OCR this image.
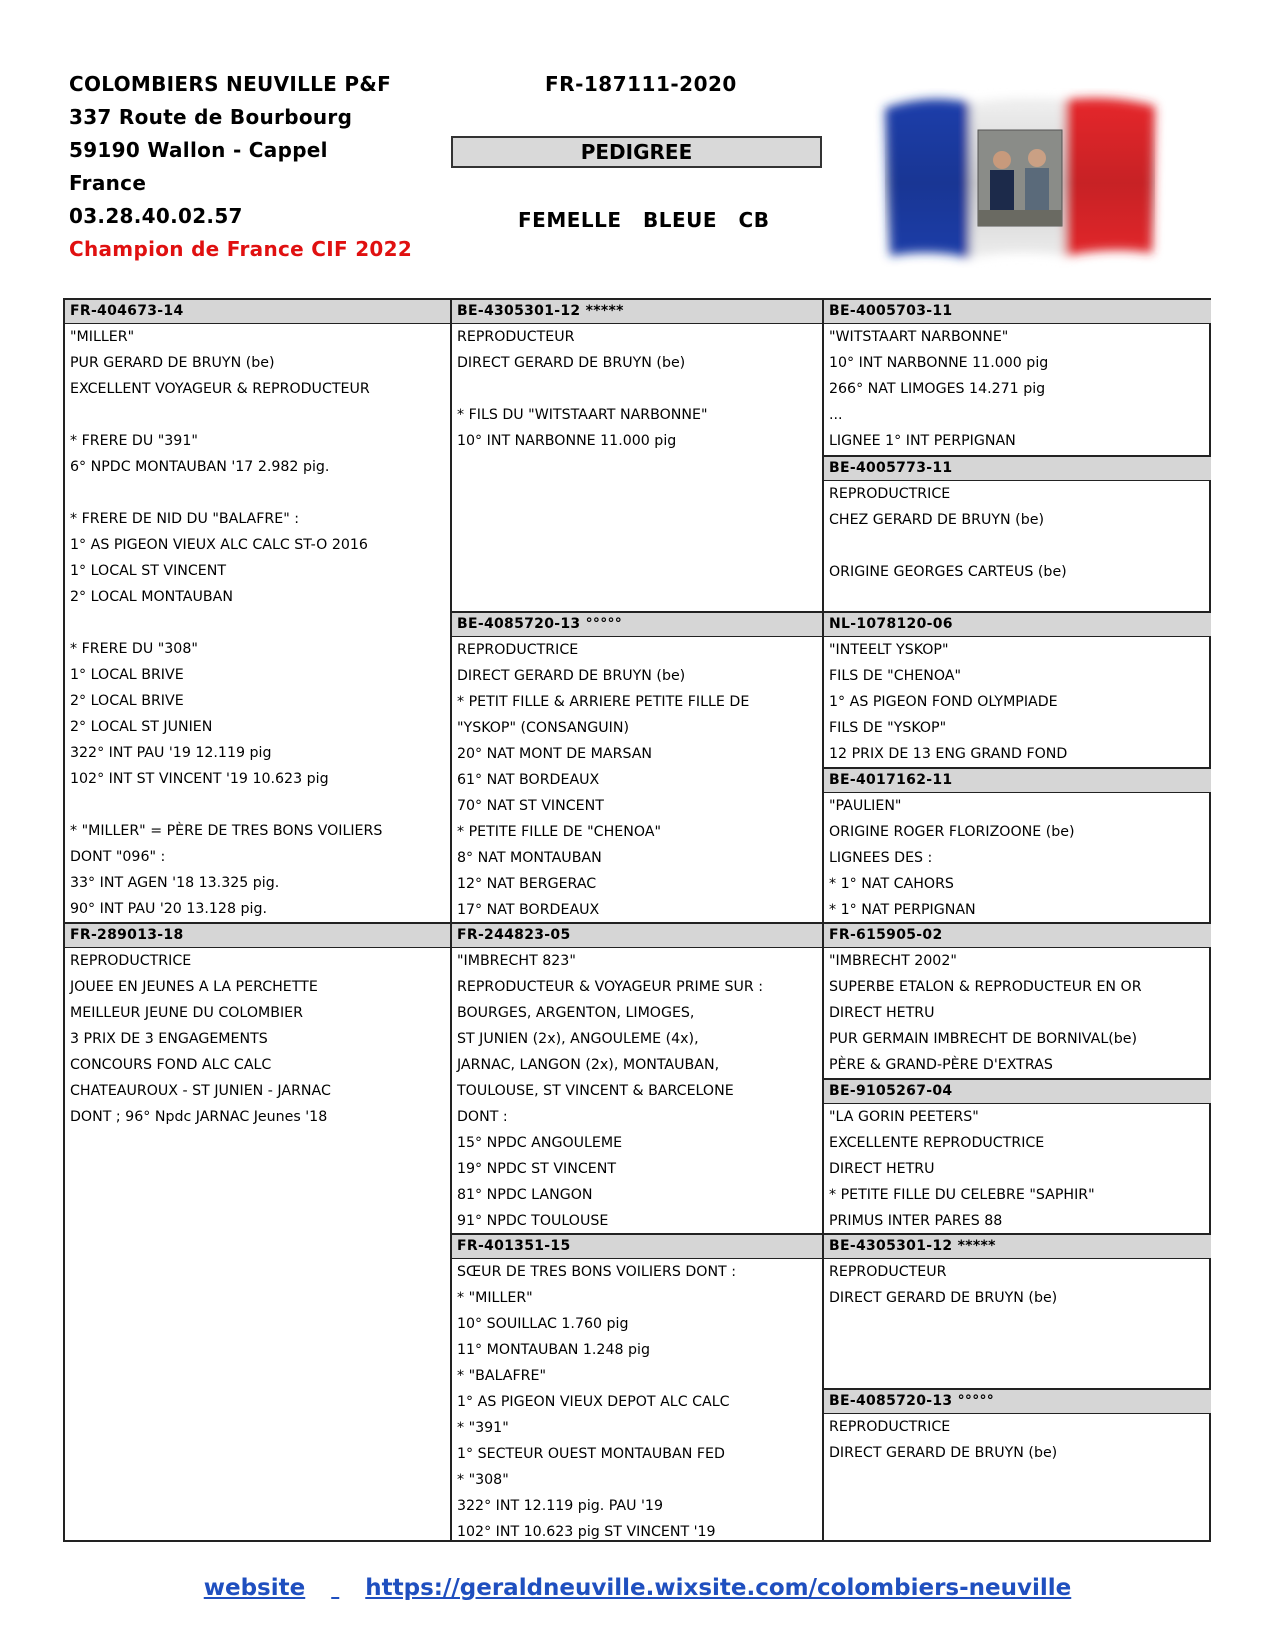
COLOMBIERS NEUVILLE P&F
337 Route de Bourbourg
59190 Wallon - Cappel
France
03.28.40.02.57
Champion de France CIF 2022
FR-187111-2020
PEDIGREE
FEMELLE BLEUE CB
FR-404673-14
"MILLER"
PUR GERARD DE BRUYN (be)
EXCELLENT VOYAGEUR & REPRODUCTEUR
* FRERE DU "391"
6° NPDC MONTAUBAN '17 2.982 pig.
* FRERE DE NID DU "BALAFRE" :
1° AS PIGEON VIEUX ALC CALC ST-O 2016
1° LOCAL ST VINCENT
2° LOCAL MONTAUBAN
* FRERE DU "308"
1° LOCAL BRIVE
2° LOCAL BRIVE
2° LOCAL ST JUNIEN
322° INT PAU '19 12.119 pig
102° INT ST VINCENT '19 10.623 pig
* "MILLER" = PÈRE DE TRES BONS VOILIERS
DONT "096" :
33° INT AGEN '18 13.325 pig.
90° INT PAU '20 13.128 pig.
FR-289013-18
REPRODUCTRICE
JOUEE EN JEUNES A LA PERCHETTE
MEILLEUR JEUNE DU COLOMBIER
3 PRIX DE 3 ENGAGEMENTS
CONCOURS FOND ALC CALC
CHATEAUROUX - ST JUNIEN - JARNAC
DONT ; 96° Npdc JARNAC Jeunes '18
BE-4305301-12 *****
REPRODUCTEUR
DIRECT GERARD DE BRUYN (be)
* FILS DU "WITSTAART NARBONNE"
10° INT NARBONNE 11.000 pig
BE-4085720-13 °°°°°
REPRODUCTRICE
DIRECT GERARD DE BRUYN (be)
* PETIT FILLE & ARRIERE PETITE FILLE DE
"YSKOP" (CONSANGUIN)
20° NAT MONT DE MARSAN
61° NAT BORDEAUX
70° NAT ST VINCENT
* PETITE FILLE DE "CHENOA"
8° NAT MONTAUBAN
12° NAT BERGERAC
17° NAT BORDEAUX
FR-244823-05
"IMBRECHT 823"
REPRODUCTEUR & VOYAGEUR PRIME SUR :
BOURGES, ARGENTON, LIMOGES,
ST JUNIEN (2x), ANGOULEME (4x),
JARNAC, LANGON (2x), MONTAUBAN,
TOULOUSE, ST VINCENT & BARCELONE
DONT :
15° NPDC ANGOULEME
19° NPDC ST VINCENT
81° NPDC LANGON
91° NPDC TOULOUSE
FR-401351-15
SŒUR DE TRES BONS VOILIERS DONT :
* "MILLER"
10° SOUILLAC 1.760 pig
11° MONTAUBAN 1.248 pig
* "BALAFRE"
1° AS PIGEON VIEUX DEPOT ALC CALC
* "391"
1° SECTEUR OUEST MONTAUBAN FED
* "308"
322° INT 12.119 pig. PAU '19
102° INT 10.623 pig ST VINCENT '19
BE-4005703-11
"WITSTAART NARBONNE"
10° INT NARBONNE 11.000 pig
266° NAT LIMOGES 14.271 pig
...
LIGNEE 1° INT PERPIGNAN
BE-4005773-11
REPRODUCTRICE
CHEZ GERARD DE BRUYN (be)
ORIGINE GEORGES CARTEUS (be)
NL-1078120-06
"INTEELT YSKOP"
FILS DE "CHENOA"
1° AS PIGEON FOND OLYMPIADE
FILS DE "YSKOP"
12 PRIX DE 13 ENG GRAND FOND
BE-4017162-11
"PAULIEN"
ORIGINE ROGER FLORIZOONE (be)
LIGNEES DES :
* 1° NAT CAHORS
* 1° NAT PERPIGNAN
FR-615905-02
"IMBRECHT 2002"
SUPERBE ETALON & REPRODUCTEUR EN OR
DIRECT HETRU
PUR GERMAIN IMBRECHT DE BORNIVAL(be)
PÈRE & GRAND-PÈRE D'EXTRAS
BE-9105267-04
"LA GORIN PEETERS"
EXCELLENTE REPRODUCTRICE
DIRECT HETRU
* PETITE FILLE DU CELEBRE "SAPHIR"
PRIMUS INTER PARES 88
BE-4305301-12 *****
REPRODUCTEUR
DIRECT GERARD DE BRUYN (be)
BE-4085720-13 °°°°°
REPRODUCTRICE
DIRECT GERARD DE BRUYN (be)
website	https://geraldneuville.wixsite.com/colombiers-neuville
